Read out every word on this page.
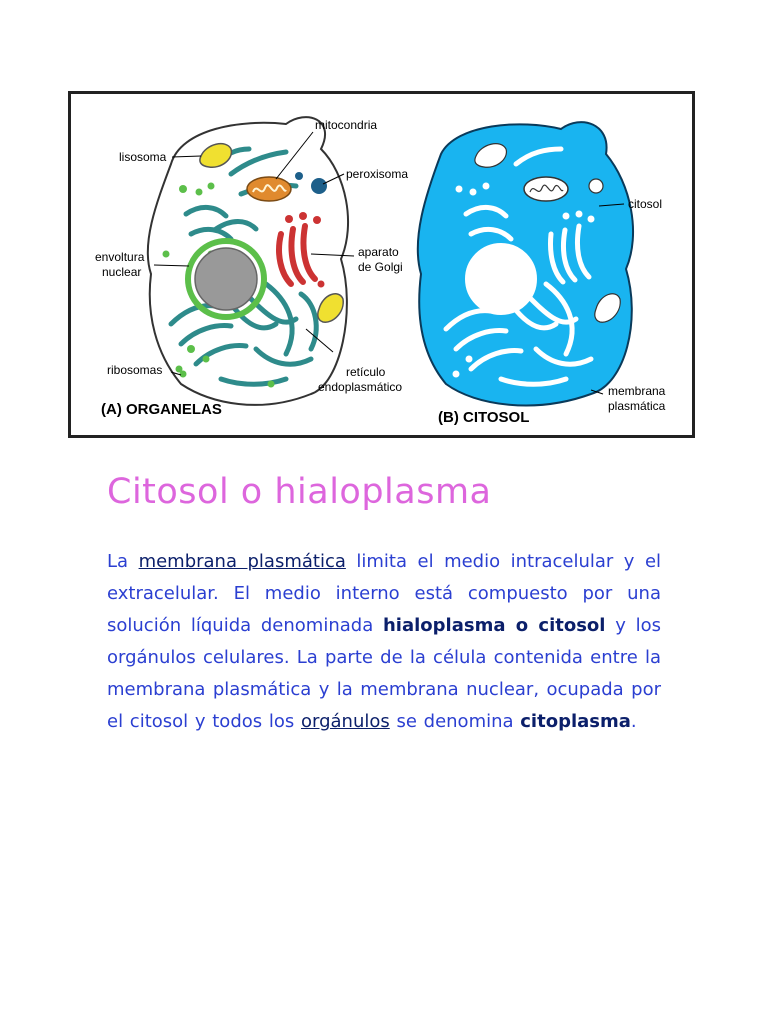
mitocondria
lisosoma
peroxisoma
envoltura
nuclear
aparato
de Golgi
ribosomas	retículo
endoplasmático
citosol
membrana
plasmática
(A) ORGANELAS	(B) CITOSOL
Citosol o hialoplasma

La membrana plasmática limita el medio intracelular y el extracelular. El medio interno está compuesto por una solución líquida denominada hialoplasma o citosol y los orgánulos celulares. La parte de la célula contenida entre la membrana plasmática y la membrana nuclear, ocupada por el citosol y todos los orgánulos se denomina citoplasma.
